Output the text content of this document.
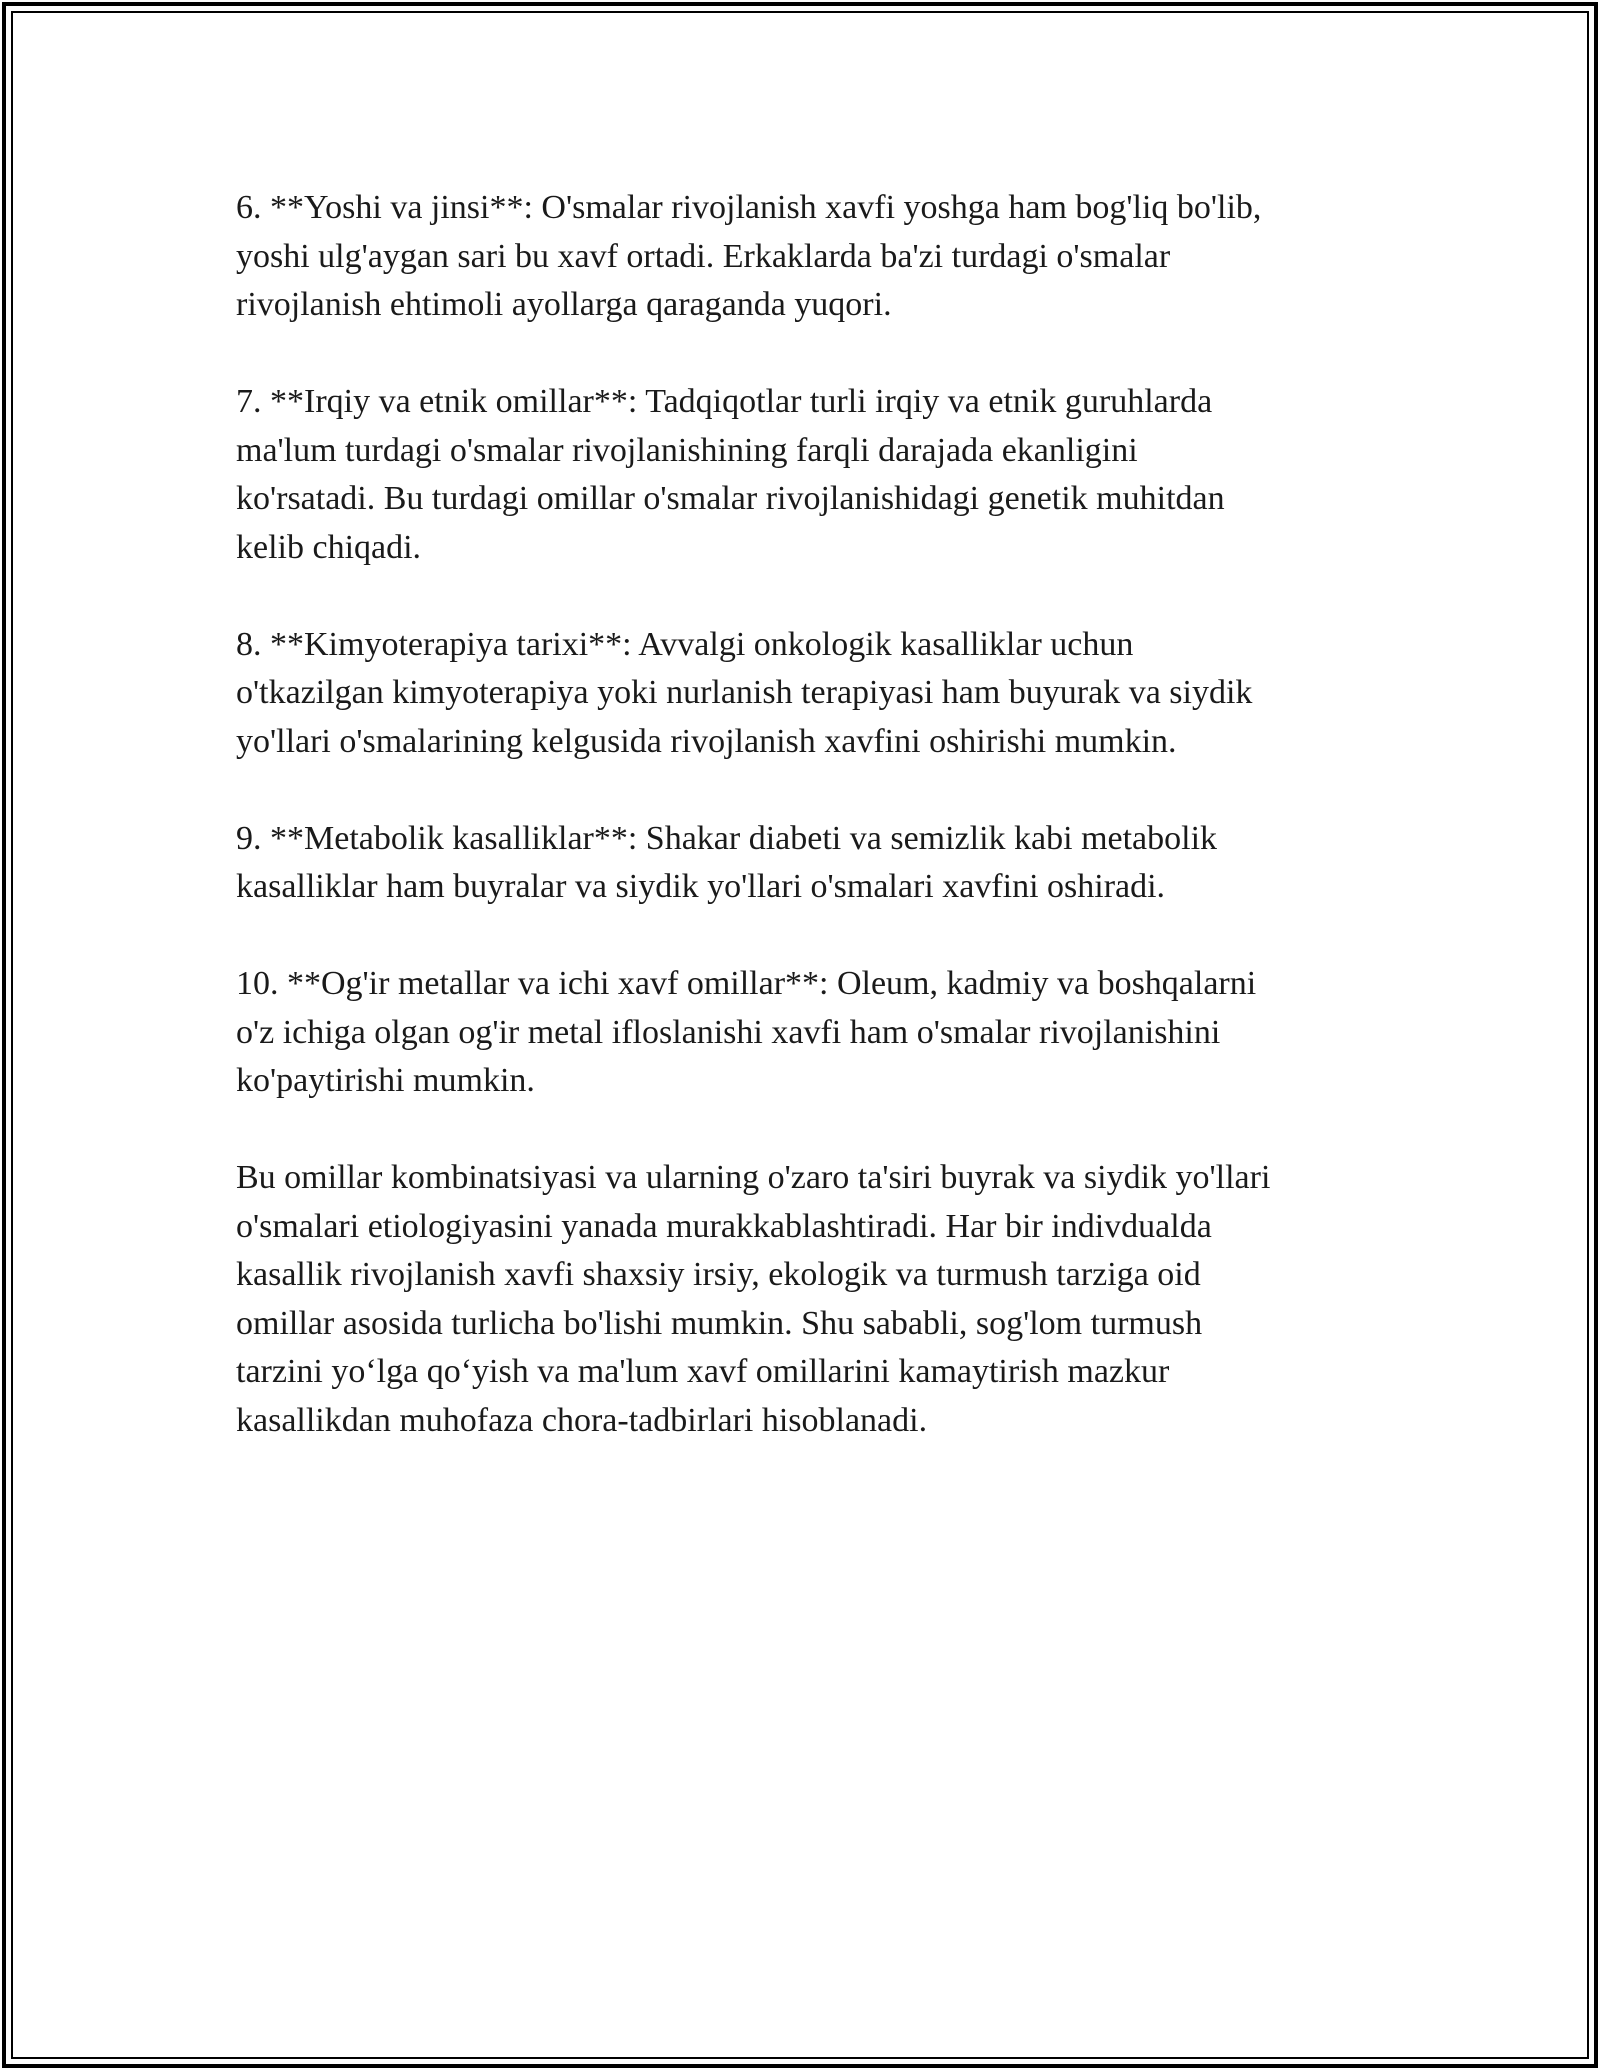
6. **Yoshi va jinsi**: O'smalar rivojlanish xavfi yoshga ham bog'liq bo'lib,
yoshi ulg'aygan sari bu xavf ortadi. Erkaklarda ba'zi turdagi o'smalar
rivojlanish ehtimoli ayollarga qaraganda yuqori.

7. **Irqiy va etnik omillar**: Tadqiqotlar turli irqiy va etnik guruhlarda
ma'lum turdagi o'smalar rivojlanishining farqli darajada ekanligini
ko'rsatadi. Bu turdagi omillar o'smalar rivojlanishidagi genetik muhitdan
kelib chiqadi.

8. **Kimyoterapiya tarixi**: Avvalgi onkologik kasalliklar uchun
o'tkazilgan kimyoterapiya yoki nurlanish terapiyasi ham buyurak va siydik
yo'llari o'smalarining kelgusida rivojlanish xavfini oshirishi mumkin.

9. **Metabolik kasalliklar**: Shakar diabeti va semizlik kabi metabolik
kasalliklar ham buyralar va siydik yo'llari o'smalari xavfini oshiradi.

10. **Og'ir metallar va ichi xavf omillar**: Oleum, kadmiy va boshqalarni
o'z ichiga olgan og'ir metal ifloslanishi xavfi ham o'smalar rivojlanishini
ko'paytirishi mumkin.

Bu omillar kombinatsiyasi va ularning o'zaro ta'siri buyrak va siydik yo'llari
o'smalari etiologiyasini yanada murakkablashtiradi. Har bir indivdualda
kasallik rivojlanish xavfi shaxsiy irsiy, ekologik va turmush tarziga oid
omillar asosida turlicha bo'lishi mumkin. Shu sababli, sog'lom turmush
tarzini yo‘lga qo‘yish va ma'lum xavf omillarini kamaytirish mazkur
kasallikdan muhofaza chora-tadbirlari hisoblanadi.
